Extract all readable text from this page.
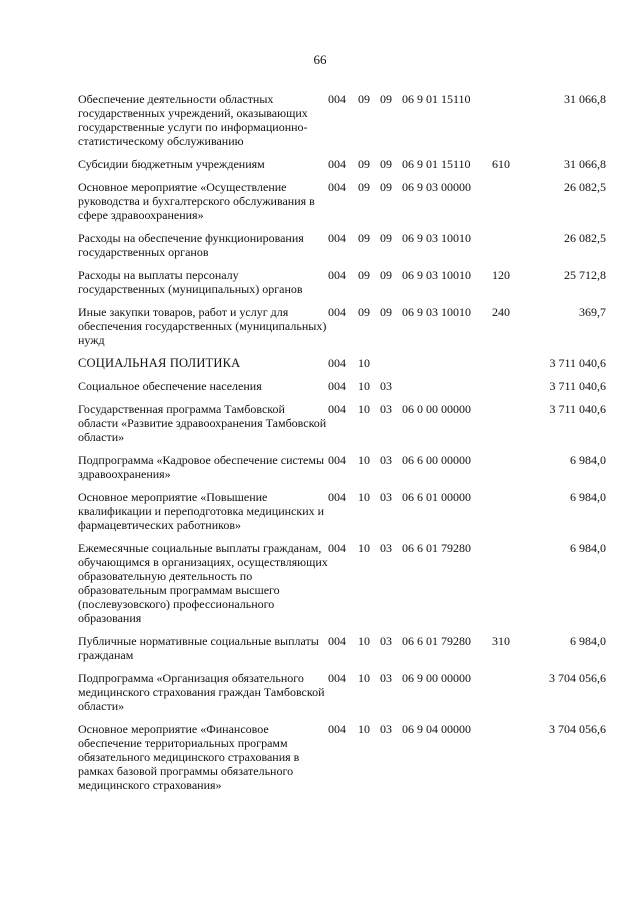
66
Обеспечение деятельности областных государственных учреждений, оказывающих государственные услуги по информационно-статистическому обслуживанию	004	09	09	06 9 01 15110		31 066,8
Субсидии бюджетным учреждениям	004	09	09	06 9 01 15110	610	31 066,8
Основное мероприятие «Осуществление руководства и бухгалтерского обслуживания в сфере здравоохранения»	004	09	09	06 9 03 00000		26 082,5
Расходы на обеспечение функционирования государственных органов	004	09	09	06 9 03 10010		26 082,5
Расходы на выплаты персоналу государственных (муниципальных) органов	004	09	09	06 9 03 10010	120	25 712,8
Иные закупки товаров, работ и услуг для обеспечения государственных (муниципальных) нужд	004	09	09	06 9 03 10010	240	369,7
СОЦИАЛЬНАЯ ПОЛИТИКА	004	10				3 711 040,6
Социальное обеспечение населения	004	10	03			3 711 040,6
Государственная программа Тамбовской области «Развитие здравоохранения Тамбовской области»	004	10	03	06 0 00 00000		3 711 040,6
Подпрограмма «Кадровое обеспечение системы здравоохранения»	004	10	03	06 6 00 00000		6 984,0
Основное мероприятие «Повышение квалификации и переподготовка медицинских и фармацевтических работников»	004	10	03	06 6 01 00000		6 984,0
Ежемесячные социальные выплаты гражданам, обучающимся в организациях, осуществляющих образовательную деятельность по образовательным программам высшего (послевузовского) профессионального образования	004	10	03	06 6 01 79280		6 984,0
Публичные нормативные социальные выплаты гражданам	004	10	03	06 6 01 79280	310	6 984,0
Подпрограмма «Организация обязательного медицинского страхования граждан Тамбовской области»	004	10	03	06 9 00 00000		3 704 056,6
Основное мероприятие «Финансовое обеспечение территориальных программ обязательного медицинского страхования в рамках базовой программы обязательного медицинского страхования»	004	10	03	06 9 04 00000		3 704 056,6
